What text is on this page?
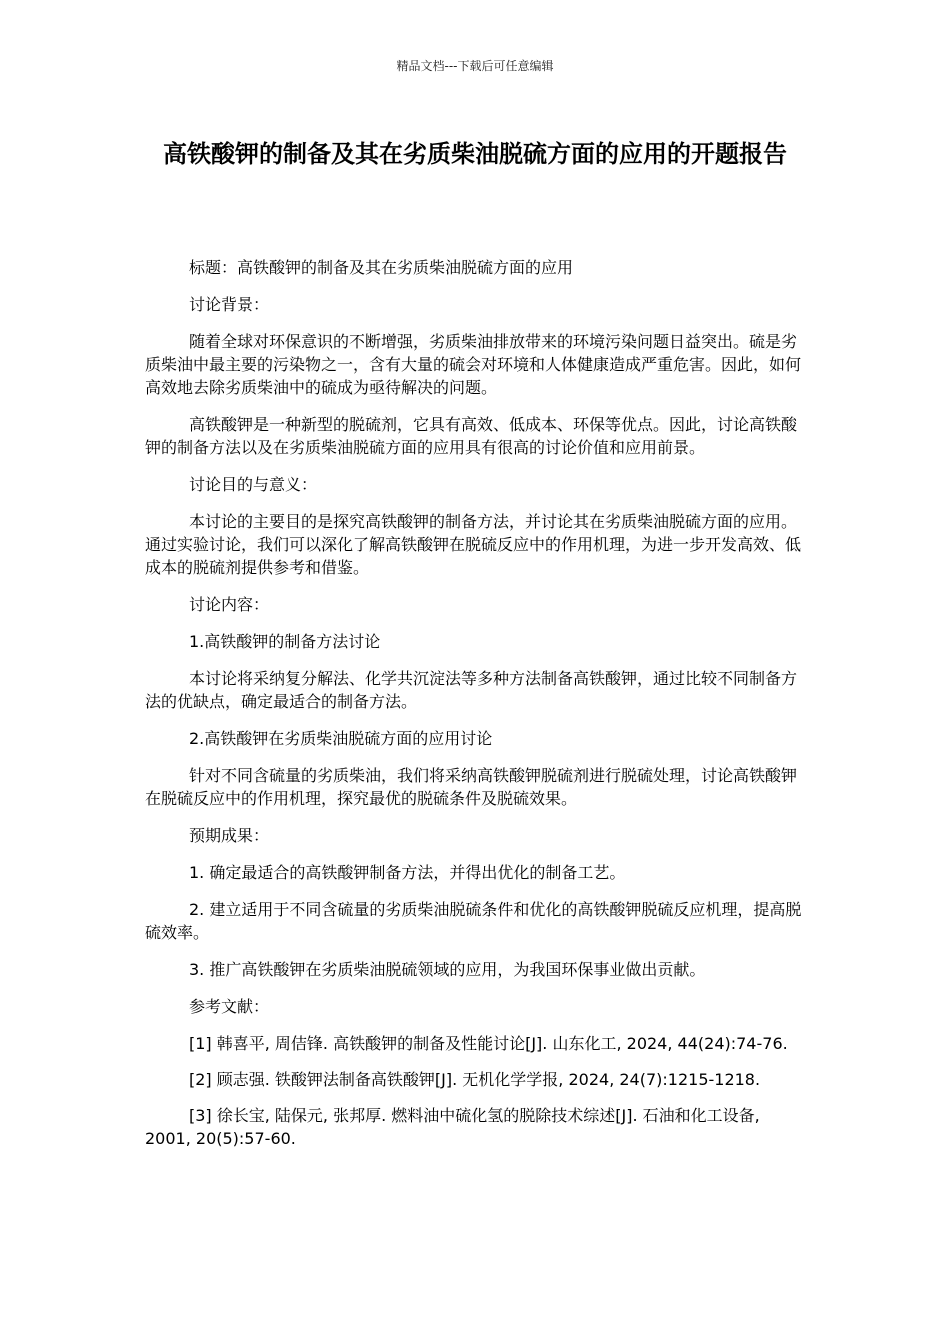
精品文档---下载后可任意编辑
高铁酸钾的制备及其在劣质柴油脱硫方面的应用的开题报告

标题：高铁酸钾的制备及其在劣质柴油脱硫方面的应用

讨论背景：

随着全球对环保意识的不断增强，劣质柴油排放带来的环境污染问题日益突出。硫是劣质柴油中最主要的污染物之一，含有大量的硫会对环境和人体健康造成严重危害。因此，如何高效地去除劣质柴油中的硫成为亟待解决的问题。

高铁酸钾是一种新型的脱硫剂，它具有高效、低成本、环保等优点。因此，讨论高铁酸钾的制备方法以及在劣质柴油脱硫方面的应用具有很高的讨论价值和应用前景。

讨论目的与意义：

本讨论的主要目的是探究高铁酸钾的制备方法，并讨论其在劣质柴油脱硫方面的应用。通过实验讨论，我们可以深化了解高铁酸钾在脱硫反应中的作用机理，为进一步开发高效、低成本的脱硫剂提供参考和借鉴。

讨论内容：

1.高铁酸钾的制备方法讨论

本讨论将采纳复分解法、化学共沉淀法等多种方法制备高铁酸钾，通过比较不同制备方法的优缺点，确定最适合的制备方法。

2.高铁酸钾在劣质柴油脱硫方面的应用讨论

针对不同含硫量的劣质柴油，我们将采纳高铁酸钾脱硫剂进行脱硫处理，讨论高铁酸钾在脱硫反应中的作用机理，探究最优的脱硫条件及脱硫效果。

预期成果：

1. 确定最适合的高铁酸钾制备方法，并得出优化的制备工艺。

2. 建立适用于不同含硫量的劣质柴油脱硫条件和优化的高铁酸钾脱硫反应机理，提高脱硫效率。

3. 推广高铁酸钾在劣质柴油脱硫领域的应用，为我国环保事业做出贡献。

参考文献：

[1] 韩喜平, 周佶锋. 高铁酸钾的制备及性能讨论[J]. 山东化工, 2024, 44(24):74-76.

[2] 顾志强. 铁酸钾法制备高铁酸钾[J]. 无机化学学报, 2024, 24(7):1215-1218.

[3] 徐长宝, 陆保元, 张邦厚. 燃料油中硫化氢的脱除技术综述[J]. 石油和化工设备, 2001, 20(5):57-60.
